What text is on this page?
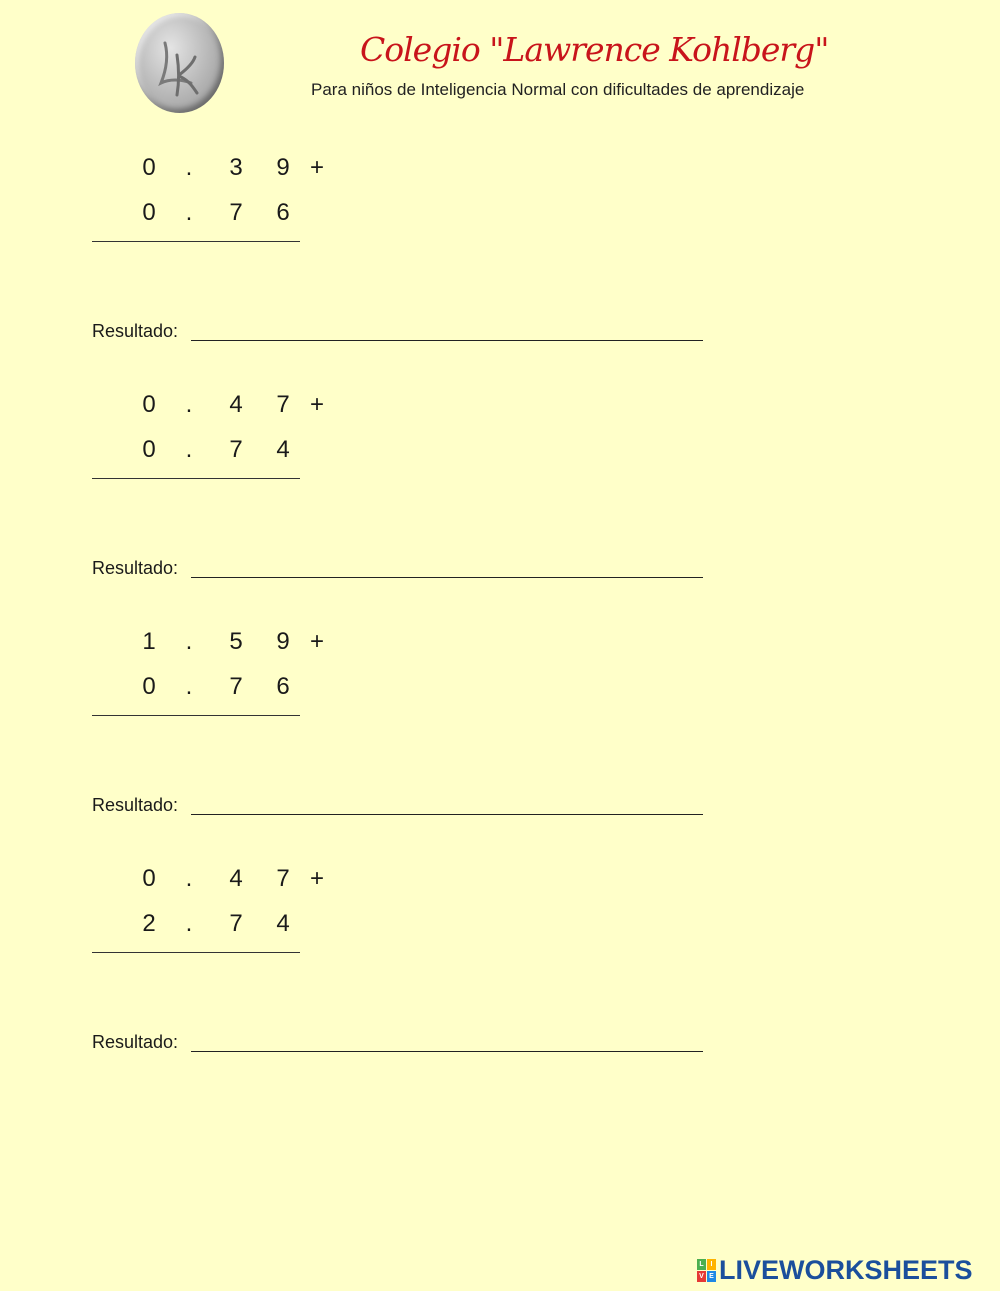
Colegio "Lawrence Kohlberg"
Para niños de Inteligencia Normal con dificultades de aprendizaje
0 . 3 9 +
0 . 7 6
Resultado:
0 . 4 7 +
0 . 7 4
Resultado:
1 . 5 9 +
0 . 7 6
Resultado:
0 . 4 7 +
2 . 7 4
Resultado:
L I
V E LIVEWORKSHEETS
